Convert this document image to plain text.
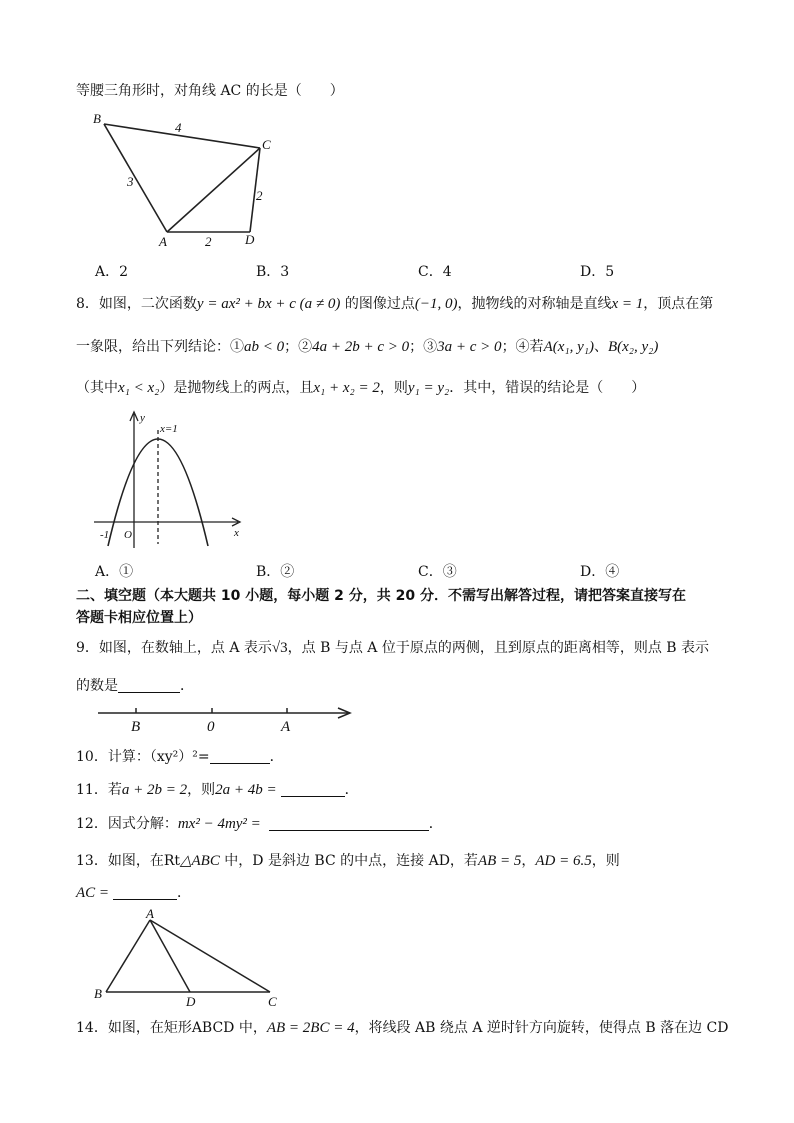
等腰三角形时，对角线 AC 的长是（　　）
B
C
A	D
4
3
2
2
A．2	B．3	C．4	D．5
8．如图，二次函数y = ax² + bx + c (a ≠ 0) 的图像过点(−1, 0)，抛物线的对称轴是直线x = 1，顶点在第
一象限，给出下列结论：①ab < 0；②4a + 2b + c > 0；③3a + c > 0；④若A(x₁, y₁)、B(x₂, y₂)
（其中x₁ < x₂）是抛物线上的两点，且x₁ + x₂ = 2，则y₁ = y₂．其中，错误的结论是（　　）
y
x
O
-1
x=1
A．①	B．②	C．③	D．④
二、填空题（本大题共 10 小题，每小题 2 分，共 20 分．不需写出解答过程，请把答案直接写在
答题卡相应位置上）
9．如图，在数轴上，点 A 表示√3，点 B 与点 A 位于原点的两侧，且到原点的距离相等，则点 B 表示
的数是	．
B	0	A
10．计算：（xy²）²=	．
11．若a + 2b = 2，则2a + 4b =	．
12．因式分解：mx² − 4my² =	．
13．如图，在Rt△ABC 中，D 是斜边 BC 的中点，连接 AD，若AB = 5，AD = 6.5，则
AC =	．
A
B
D	C
14．如图，在矩形ABCD 中，AB = 2BC = 4，将线段 AB 绕点 A 逆时针方向旋转，使得点 B 落在边 CD
